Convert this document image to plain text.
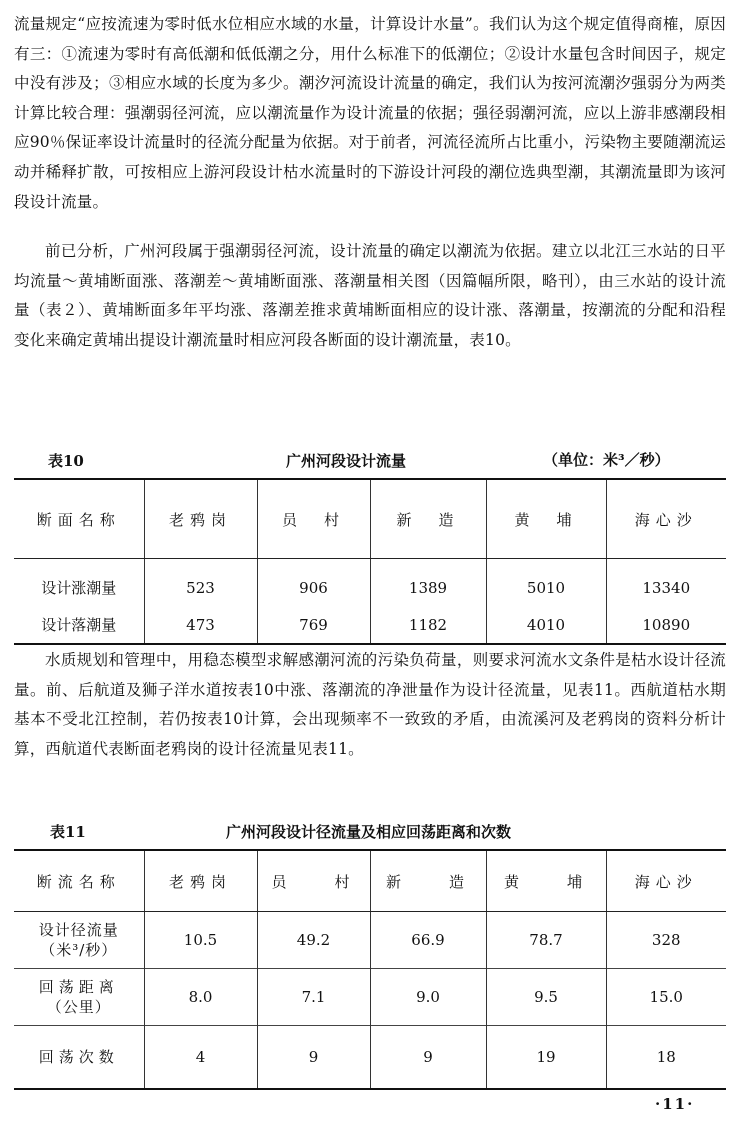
流量规定“应按流速为零时低水位相应水域的水量，计算设计水量”。我们认为这个规定值得商榷，原因有三：①流速为零时有高低潮和低低潮之分，用什么标准下的低潮位；②设计水量包含时间因子，规定中没有涉及；③相应水域的长度为多少。潮汐河流设计流量的确定，我们认为按河流潮汐强弱分为两类计算比较合理：强潮弱径河流，应以潮流量作为设计流量的依据；强径弱潮河流，应以上游非感潮段相应90％保证率设计流量时的径流分配量为依据。对于前者，河流径流所占比重小，污染物主要随潮流运动并稀释扩散，可按相应上游河段设计枯水流量时的下游设计河段的潮位选典型潮，其潮流量即为该河段设计流量。
前已分析，广州河段属于强潮弱径河流，设计流量的确定以潮流为依据。建立以北江三水站的日平均流量～黄埔断面涨、落潮差～黄埔断面涨、落潮量相关图（因篇幅所限，略刊），由三水站的设计流量（表２）、黄埔断面多年平均涨、落潮差推求黄埔断面相应的设计涨、落潮量，按潮流的分配和沿程变化来确定黄埔出提设计潮流量时相应河段各断面的设计潮流量，表10。
表10	广州河段设计流量	（单位：米³／秒）
断面名称	老鸦岗	员　村	新　造	黄　埔	海心沙
设计涨潮量	523	906	1389	5010	13340
设计落潮量	473	769	1182	4010	10890
水质规划和管理中，用稳态模型求解感潮河流的污染负荷量，则要求河流水文条件是枯水设计径流量。前、后航道及狮子洋水道按表10中涨、落潮流的净泄量作为设计径流量，见表11。西航道枯水期基本不受北江控制，若仍按表10计算，会出现频率不一致致的矛盾，由流溪河及老鸦岗的资料分析计算，西航道代表断面老鸦岗的设计径流量见表11。
表11	广州河段设计径流量及相应回荡距离和次数
断流名称	老鸦岗	员　　村	新　　造	黄　　埔	海心沙

设计径流量
（米³/秒）	10.5	49.2	66.9	78.7	328

回荡距离
（公里）	8.0	7.1	9.0	9.5	15.0

回荡次数	4	9	9	19	18
·11·
